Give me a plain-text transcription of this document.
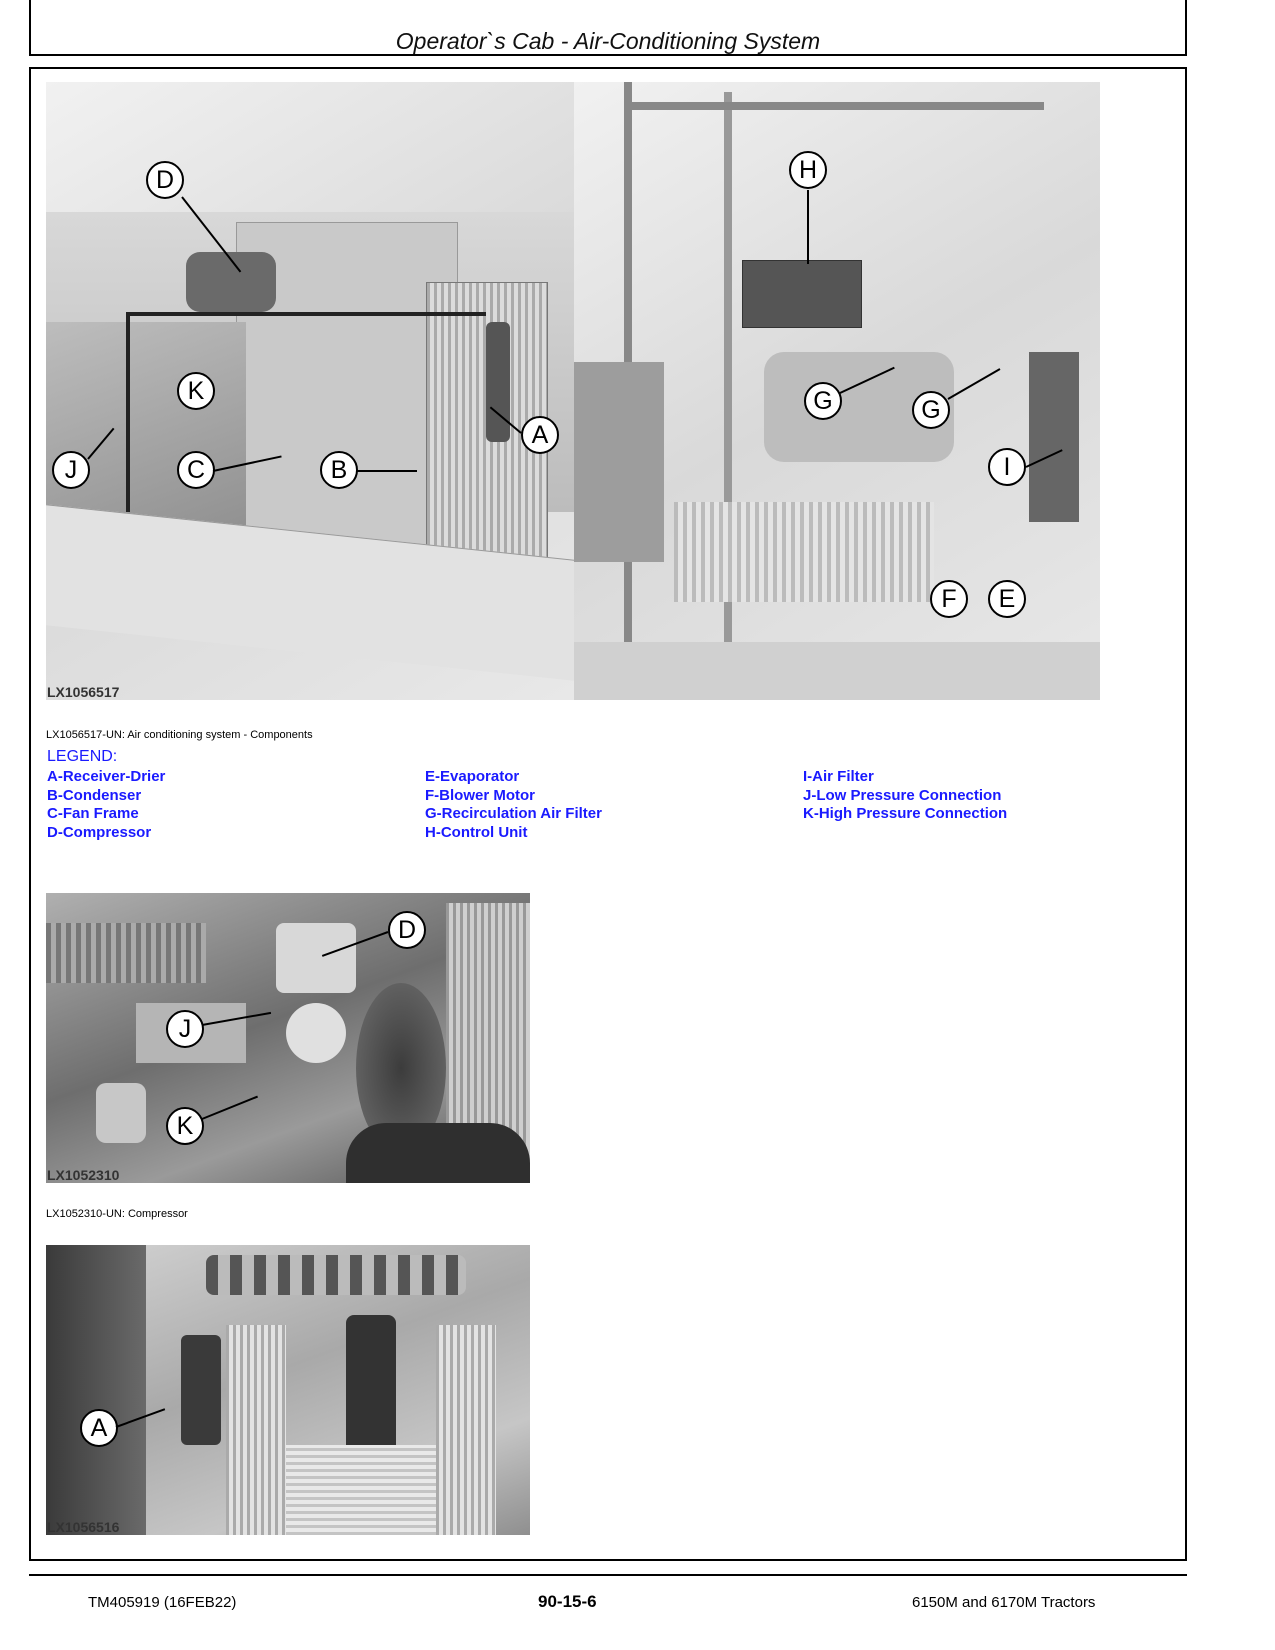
Operator`s Cab - Air-Conditioning System
D
K
J	C	B
A
LX1056517
H
G	G
I
F	E
LX1056517-UN: Air conditioning system - Components
LEGEND:
A-Receiver-Drier
B-Condenser
C-Fan Frame
D-Compressor
E-Evaporator
F-Blower Motor
G-Recirculation Air Filter
H-Control Unit
I-Air Filter
J-Low Pressure Connection
K-High Pressure Connection
D
J
K
LX1052310
LX1052310-UN: Compressor
A
LX1056516
TM405919 (16FEB22)	90-15-6	6150M and 6170M Tractors
